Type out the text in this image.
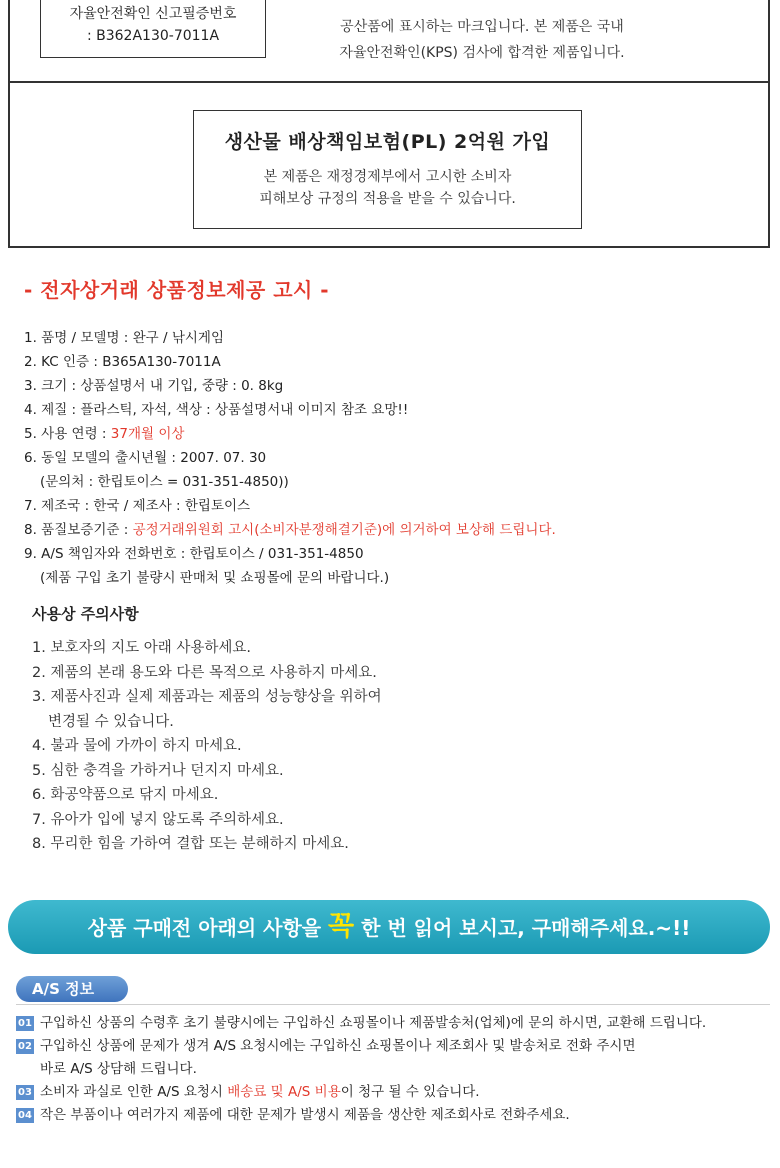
자율안전확인 신고필증번호
: B362A130-7011A
공산품에 표시하는 마크입니다. 본 제품은 국내
자율안전확인(KPS) 검사에 합격한 제품입니다.
생산물 배상책임보험(PL) 2억원 가입
본 제품은 재정경제부에서 고시한 소비자
피해보상 규정의 적용을 받을 수 있습니다.
- 전자상거래 상품정보제공 고시 -
1. 품명 / 모델명 : 완구 / 낚시게임
2. KC 인증 : B365A130-7011A
3. 크기 : 상품설명서 내 기입, 중량 : 0. 8kg
4. 제질 : 플라스틱, 자석, 색상 : 상품설명서내 이미지 참조 요망!!
5. 사용 연령 : 37개월 이상
6. 동일 모델의 출시년월 : 2007. 07. 30
(문의처 : 한립토이스 = 031-351-4850))
7. 제조국 : 한국 / 제조사 : 한립토이스
8. 품질보증기준 : 공정거래위원회 고시(소비자분쟁해결기준)에 의거하여 보상해 드립니다.
9. A/S 책임자와 전화번호 : 한립토이스 / 031-351-4850
(제품 구입 초기 불량시 판매처 및 쇼핑몰에 문의 바랍니다.)
사용상 주의사항
1. 보호자의 지도 아래 사용하세요.
2. 제품의 본래 용도와 다른 목적으로 사용하지 마세요.
3. 제품사진과 실제 제품과는 제품의 성능향상을 위하여
변경될 수 있습니다.
4. 불과 물에 가까이 하지 마세요.
5. 심한 충격을 가하거나 던지지 마세요.
6. 화공약품으로 닦지 마세요.
7. 유아가 입에 넣지 않도록 주의하세요.
8. 무리한 힘을 가하여 결합 또는 분해하지 마세요.
상품 구매전 아래의 사항을 꼭 한 번 읽어 보시고, 구매해주세요.~!!
A/S 정보
01 구입하신 상품의 수령후 초기 불량시에는 구입하신 쇼핑몰이나 제품발송처(업체)에 문의 하시면, 교환해 드립니다.
02 구입하신 상품에 문제가 생겨 A/S 요청시에는 구입하신 쇼핑몰이나 제조회사 및 발송처로 전화 주시면
바로 A/S 상담해 드립니다.
03 소비자 과실로 인한 A/S 요청시 배송료 및 A/S 비용이 청구 될 수 있습니다.
04 작은 부품이나 여러가지 제품에 대한 문제가 발생시 제품을 생산한 제조회사로 전화주세요.
